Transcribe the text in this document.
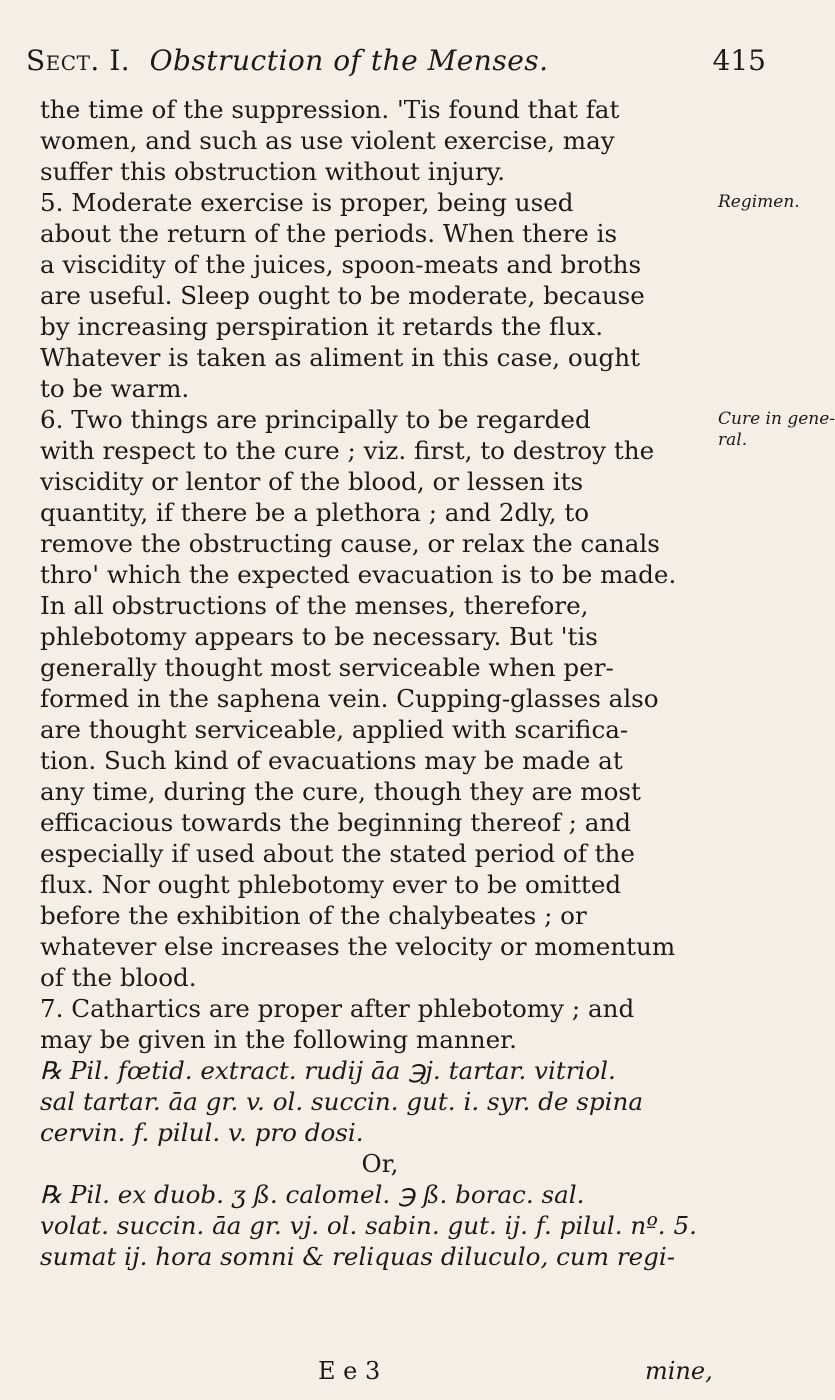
Sect. I. Obstruction of the Menses.	415
the time of the suppression. 'Tis found that fat
women, and such as use violent exercise, may
suffer this obstruction without injury.
5. Moderate exercise is proper, being used
about the return of the periods. When there is
a viscidity of the juices, spoon-meats and broths
are useful. Sleep ought to be moderate, because
by increasing perspiration it retards the flux.
Whatever is taken as aliment in this case, ought
to be warm.
6. Two things are principally to be regarded
with respect to the cure ; viz. first, to destroy the
viscidity or lentor of the blood, or lessen its
quantity, if there be a plethora ; and 2dly, to
remove the obstructing cause, or relax the canals
thro' which the expected evacuation is to be made.
In all obstructions of the menses, therefore,
phlebotomy appears to be necessary. But 'tis
generally thought most serviceable when per-
formed in the saphena vein. Cupping-glasses also
are thought serviceable, applied with scarifica-
tion. Such kind of evacuations may be made at
any time, during the cure, though they are most
efficacious towards the beginning thereof ; and
especially if used about the stated period of the
flux. Nor ought phlebotomy ever to be omitted
before the exhibition of the chalybeates ; or
whatever else increases the velocity or momentum
of the blood.
7. Cathartics are proper after phlebotomy ; and
may be given in the following manner.
℞ Pil. fœtid. extract. rudij āa ℈j. tartar. vitriol.
sal tartar. āa gr. v. ol. succin. gut. i. syr. de spina
cervin. f. pilul. v. pro dosi.
Or,
℞ Pil. ex duob. ʒ ß. calomel. ℈ ß. borac. sal.
volat. succin. āa gr. vj. ol. sabin. gut. ij. f. pilul. nº. 5.
sumat ij. hora somni & reliquas diluculo, cum regi-
Regimen.
Cure in gene-
ral.
E e 3	mine,
